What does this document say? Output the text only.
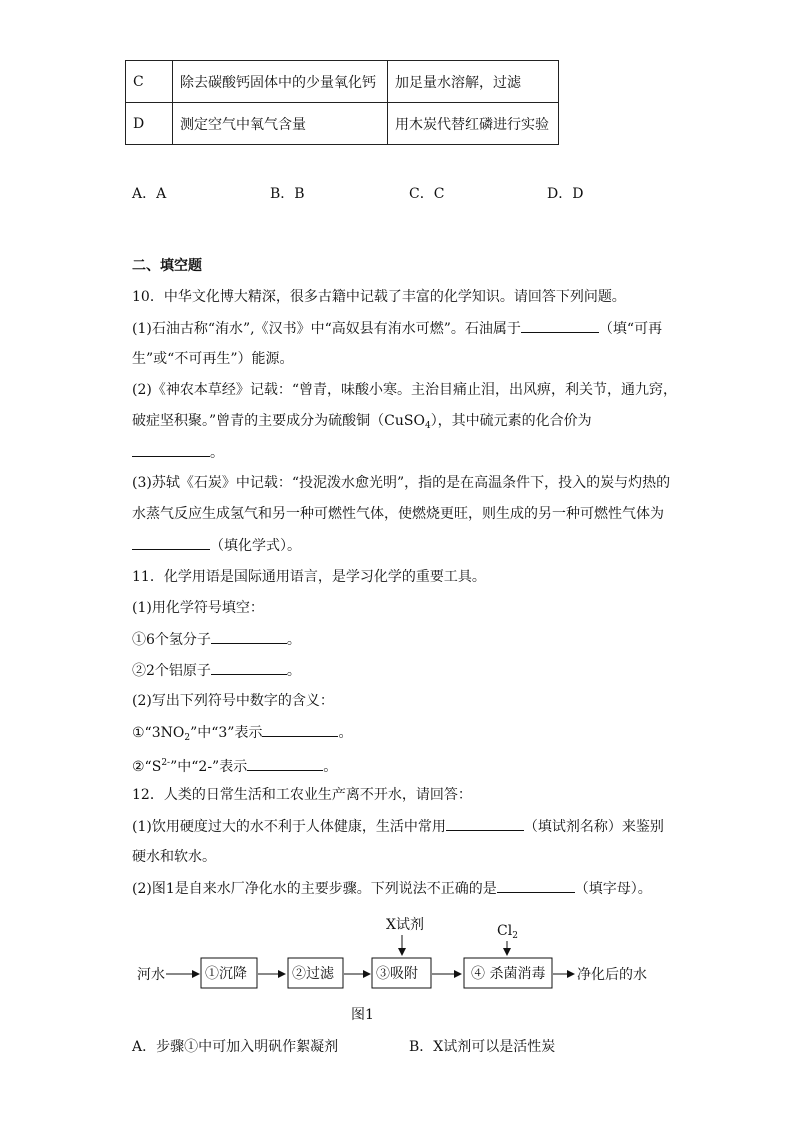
C	除去碳酸钙固体中的少量氧化钙	加足量水溶解，过滤
D	测定空气中氧气含量	用木炭代替红磷进行实验
A．A	B．B	C．C	D．D
二、填空题
10．中华文化博大精深，很多古籍中记载了丰富的化学知识。请回答下列问题。
(1)石油古称“洧水”,《汉书》中“高奴县有洧水可燃”。石油属于	（填“可再
生”或“不可再生”）能源。
(2)《神农本草经》记载：“曾青，味酸小寒。主治目痛止泪，出风痹，利关节，通九窍，
破症坚积聚。”曾青的主要成分为硫酸铜（CuSO$_4$），其中硫元素的化合价为
。
(3)苏轼《石炭》中记载：“投泥泼水愈光明”，指的是在高温条件下，投入的炭与灼热的
水蒸气反应生成氢气和另一种可燃性气体，使燃烧更旺，则生成的另一种可燃性气体为
（填化学式）。
11．化学用语是国际通用语言，是学习化学的重要工具。
(1)用化学符号填空：
①6个氢分子	。
②2个铝原子	。
(2)写出下列符号中数字的含义：
$①“3NO_2$”中“3”表示	。
$②“S^{2-}$”中“2-”表示	。
12．人类的日常生活和工农业生产离不开水，请回答：
(1)饮用硬度过大的水不利于人体健康，生活中常用	（填试剂名称）来鉴别
硬水和软水。
(2)图1是自来水厂净化水的主要步骤。下列说法不正确的是	（填字母）。
河水	①沉降	②过滤	③吸附	④ 杀菌消毒 净化后的水
X试剂	$Cl_2$
图1
A．步骤①中可加入明矾作絮凝剂	B．X试剂可以是活性炭
